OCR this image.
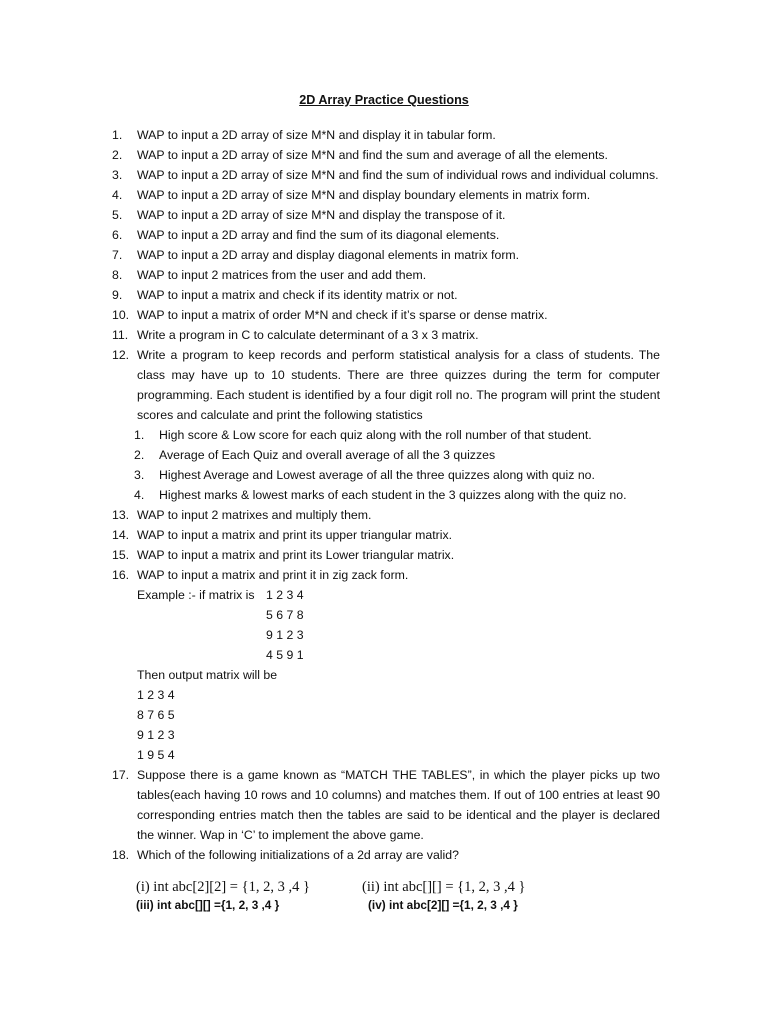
2D Array Practice Questions
1.	WAP to input a 2D array of size M*N and display it in tabular form.
2.	WAP to input a 2D array of size M*N and find the sum and average of all the elements.
3.	WAP to input a 2D array of size M*N and find the sum of individual rows and individual columns.
4.	WAP to input a 2D array of size M*N and display boundary elements in matrix form.
5.	WAP to input a 2D array of size M*N and display the transpose of it.
6.	WAP to input a 2D array and find the sum of its diagonal elements.
7.	WAP to input a 2D array and display diagonal elements in matrix form.
8.	WAP to input 2 matrices from the user and add them.
9.	WAP to input a matrix and check if its identity matrix or not.
10. WAP to input a matrix of order M*N and check if it’s sparse or dense matrix.
11. Write a program in C to calculate determinant of a 3 x 3 matrix.
12. Write a program to keep records and perform statistical analysis for a class of students. The class may have up to 10 students. There are three quizzes during the term for computer programming. Each student is identified by a four digit roll no. The program will print the student scores and calculate and print the following statistics
1.	High score & Low score for each quiz along with the roll number of that student.
2.	Average of Each Quiz and overall average of all the 3 quizzes
3.	Highest Average and Lowest average of all the three quizzes along with quiz no.
4.	Highest marks & lowest marks of each student in the 3 quizzes along with the quiz no.
13. WAP to input 2 matrixes and multiply them.
14. WAP to input a matrix and print its upper triangular matrix.
15. WAP to input a matrix and print its Lower triangular matrix.
16. WAP to input a matrix and print it in zig zack form.
Example :- if matrix is 1 2 3 4
5 6 7 8
9 1 2 3
4 5 9 1
Then output matrix will be
1 2 3 4
8 7 6 5
9 1 2 3
1 9 5 4
17. Suppose there is a game known as “MATCH THE TABLES”, in which the player picks up two tables(each having 10 rows and 10 columns) and matches them. If out of 100 entries at least 90 corresponding entries match then the tables are said to be identical and the player is declared the winner. Wap in ‘C’ to implement the above game.
18. Which of the following initializations of a 2d array are valid?
(i) int abc[2][2] = {1, 2, 3 ,4 }	(ii) int abc[][] = {1, 2, 3 ,4 }
(iii) int abc[][] ={1, 2, 3 ,4 }	(iv) int abc[2][] ={1, 2, 3 ,4 }
